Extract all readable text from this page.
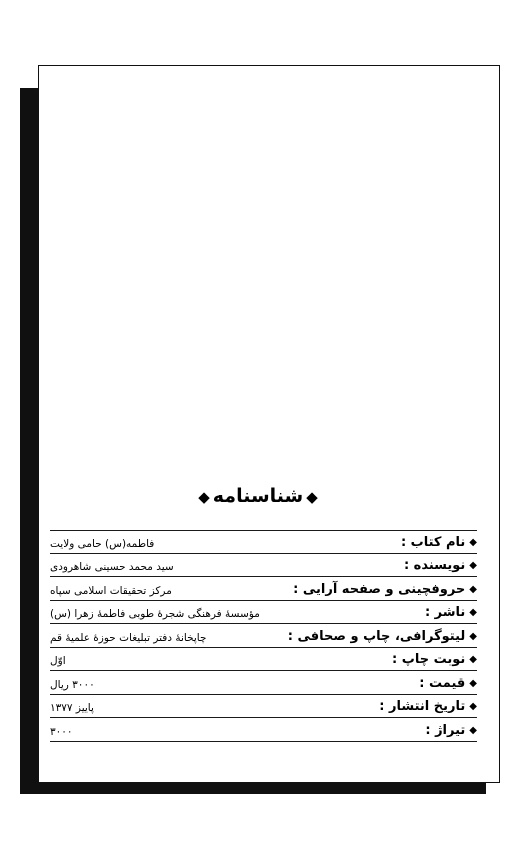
◆شناسنامه◆
◆نام کتاب :
فاطمه(س) حامی ولایت
◆نویسنده :
سید محمد حسینی شاهرودی
◆حروفچینی و صفحه آرایی :
مرکز تحقیقات اسلامی سپاه
◆ناشر :
مؤسسهٔ فرهنگی شجرهٔ طوبی فاطمهٔ زهرا (س)
◆لیتوگرافی، چاپ و صحافی :
چاپخانهٔ دفتر تبلیغات حوزهٔ علمیهٔ قم
◆نوبت چاپ :
اوّل
◆قیمت :
۳۰۰۰ ریال
◆تاریخ انتشار :
پاییز ۱۳۷۷
◆تیراژ :
۳۰۰۰
